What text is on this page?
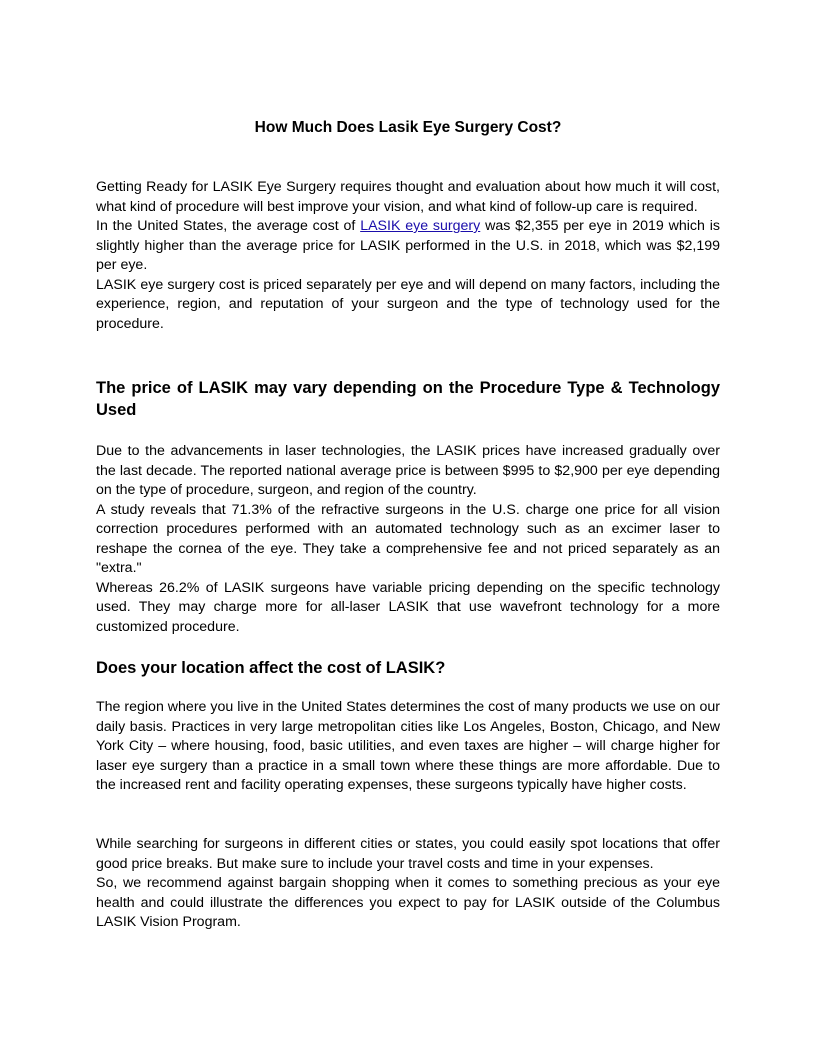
How Much Does Lasik Eye Surgery Cost?

Getting Ready for LASIK Eye Surgery requires thought and evaluation about how much it will cost, what kind of procedure will best improve your vision, and what kind of follow-up care is required.

In the United States, the average cost of LASIK eye surgery was $2,355 per eye in 2019 which is slightly higher than the average price for LASIK performed in the U.S. in 2018, which was $2,199 per eye.

LASIK eye surgery cost is priced separately per eye and will depend on many factors, including the experience, region, and reputation of your surgeon and the type of technology used for the procedure.

The price of LASIK may vary depending on the Procedure Type & Technology Used

Due to the advancements in laser technologies, the LASIK prices have increased gradually over the last decade. The reported national average price is between $995 to $2,900 per eye depending on the type of procedure, surgeon, and region of the country.

A study reveals that 71.3% of the refractive surgeons in the U.S. charge one price for all vision correction procedures performed with an automated technology such as an excimer laser to reshape the cornea of the eye. They take a comprehensive fee and not priced separately as an "extra."

Whereas 26.2% of LASIK surgeons have variable pricing depending on the specific technology used. They may charge more for all-laser LASIK that use wavefront technology for a more customized procedure.

Does your location affect the cost of LASIK?

The region where you live in the United States determines the cost of many products we use on our daily basis. Practices in very large metropolitan cities like Los Angeles, Boston, Chicago, and New York City – where housing, food, basic utilities, and even taxes are higher – will charge higher for laser eye surgery than a practice in a small town where these things are more affordable. Due to the increased rent and facility operating expenses, these surgeons typically have higher costs.

While searching for surgeons in different cities or states, you could easily spot locations that offer good price breaks. But make sure to include your travel costs and time in your expenses.

So, we recommend against bargain shopping when it comes to something precious as your eye health and could illustrate the differences you expect to pay for LASIK outside of the Columbus LASIK Vision Program.
